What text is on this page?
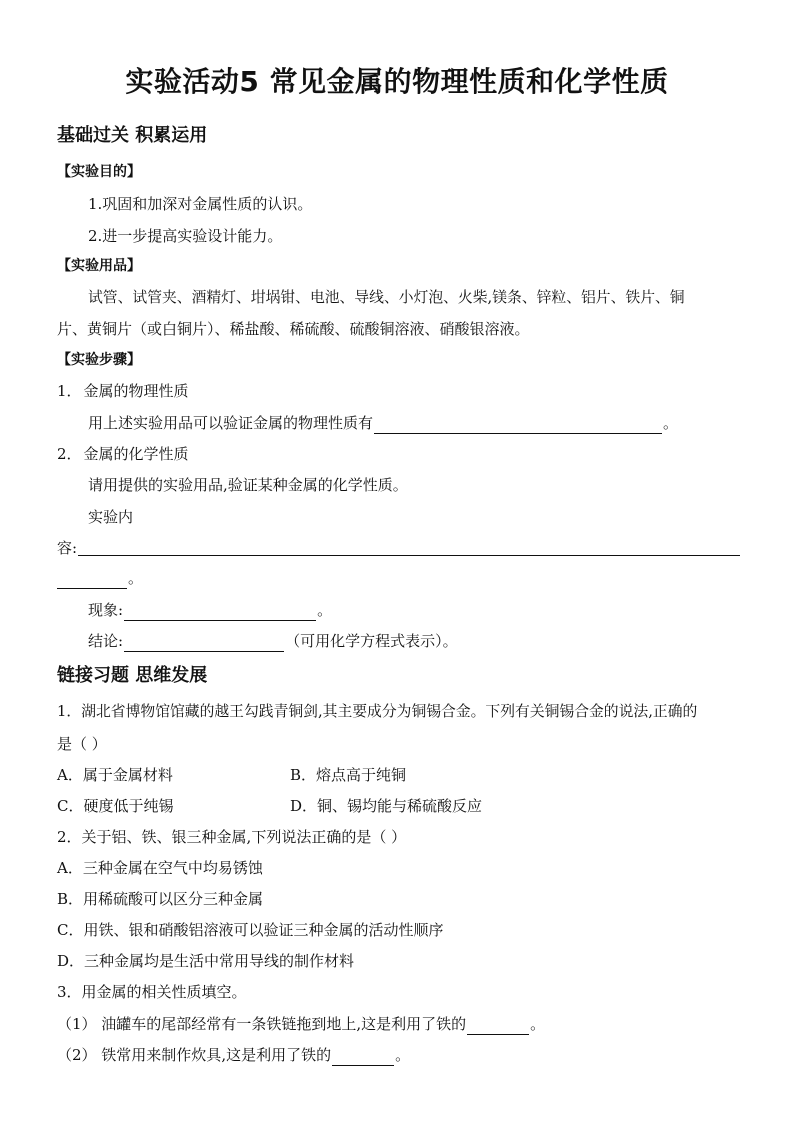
实验活动5 常见金属的物理性质和化学性质
基础过关 积累运用
【实验目的】
1.巩固和加深对金属性质的认识。
2.进一步提高实验设计能力。
【实验用品】
试管、试管夹、酒精灯、坩埚钳、电池、导线、小灯泡、火柴,镁条、锌粒、铝片、铁片、铜
片、黄铜片（或白铜片）、稀盐酸、稀硫酸、硫酸铜溶液、硝酸银溶液。
【实验步骤】
1． 金属的物理性质
用上述实验用品可以验证金属的物理性质有	。
2． 金属的化学性质
请用提供的实验用品,验证某种金属的化学性质。
实验内
容:
。
现象:	。
结论:	（可用化学方程式表示）。
链接习题 思维发展
1．湖北省博物馆馆藏的越王勾践青铜剑,其主要成分为铜锡合金。下列有关铜锡合金的说法,正确的
是（ ）
A．属于金属材料	B．熔点高于纯铜
C．硬度低于纯锡	D．铜、锡均能与稀硫酸反应
2．关于铝、铁、银三种金属,下列说法正确的是（ ）
A．三种金属在空气中均易锈蚀
B．用稀硫酸可以区分三种金属
C．用铁、银和硝酸铝溶液可以验证三种金属的活动性顺序
D．三种金属均是生活中常用导线的制作材料
3．用金属的相关性质填空。
（1） 油罐车的尾部经常有一条铁链拖到地上,这是利用了铁的	。
（2） 铁常用来制作炊具,这是利用了铁的	。
